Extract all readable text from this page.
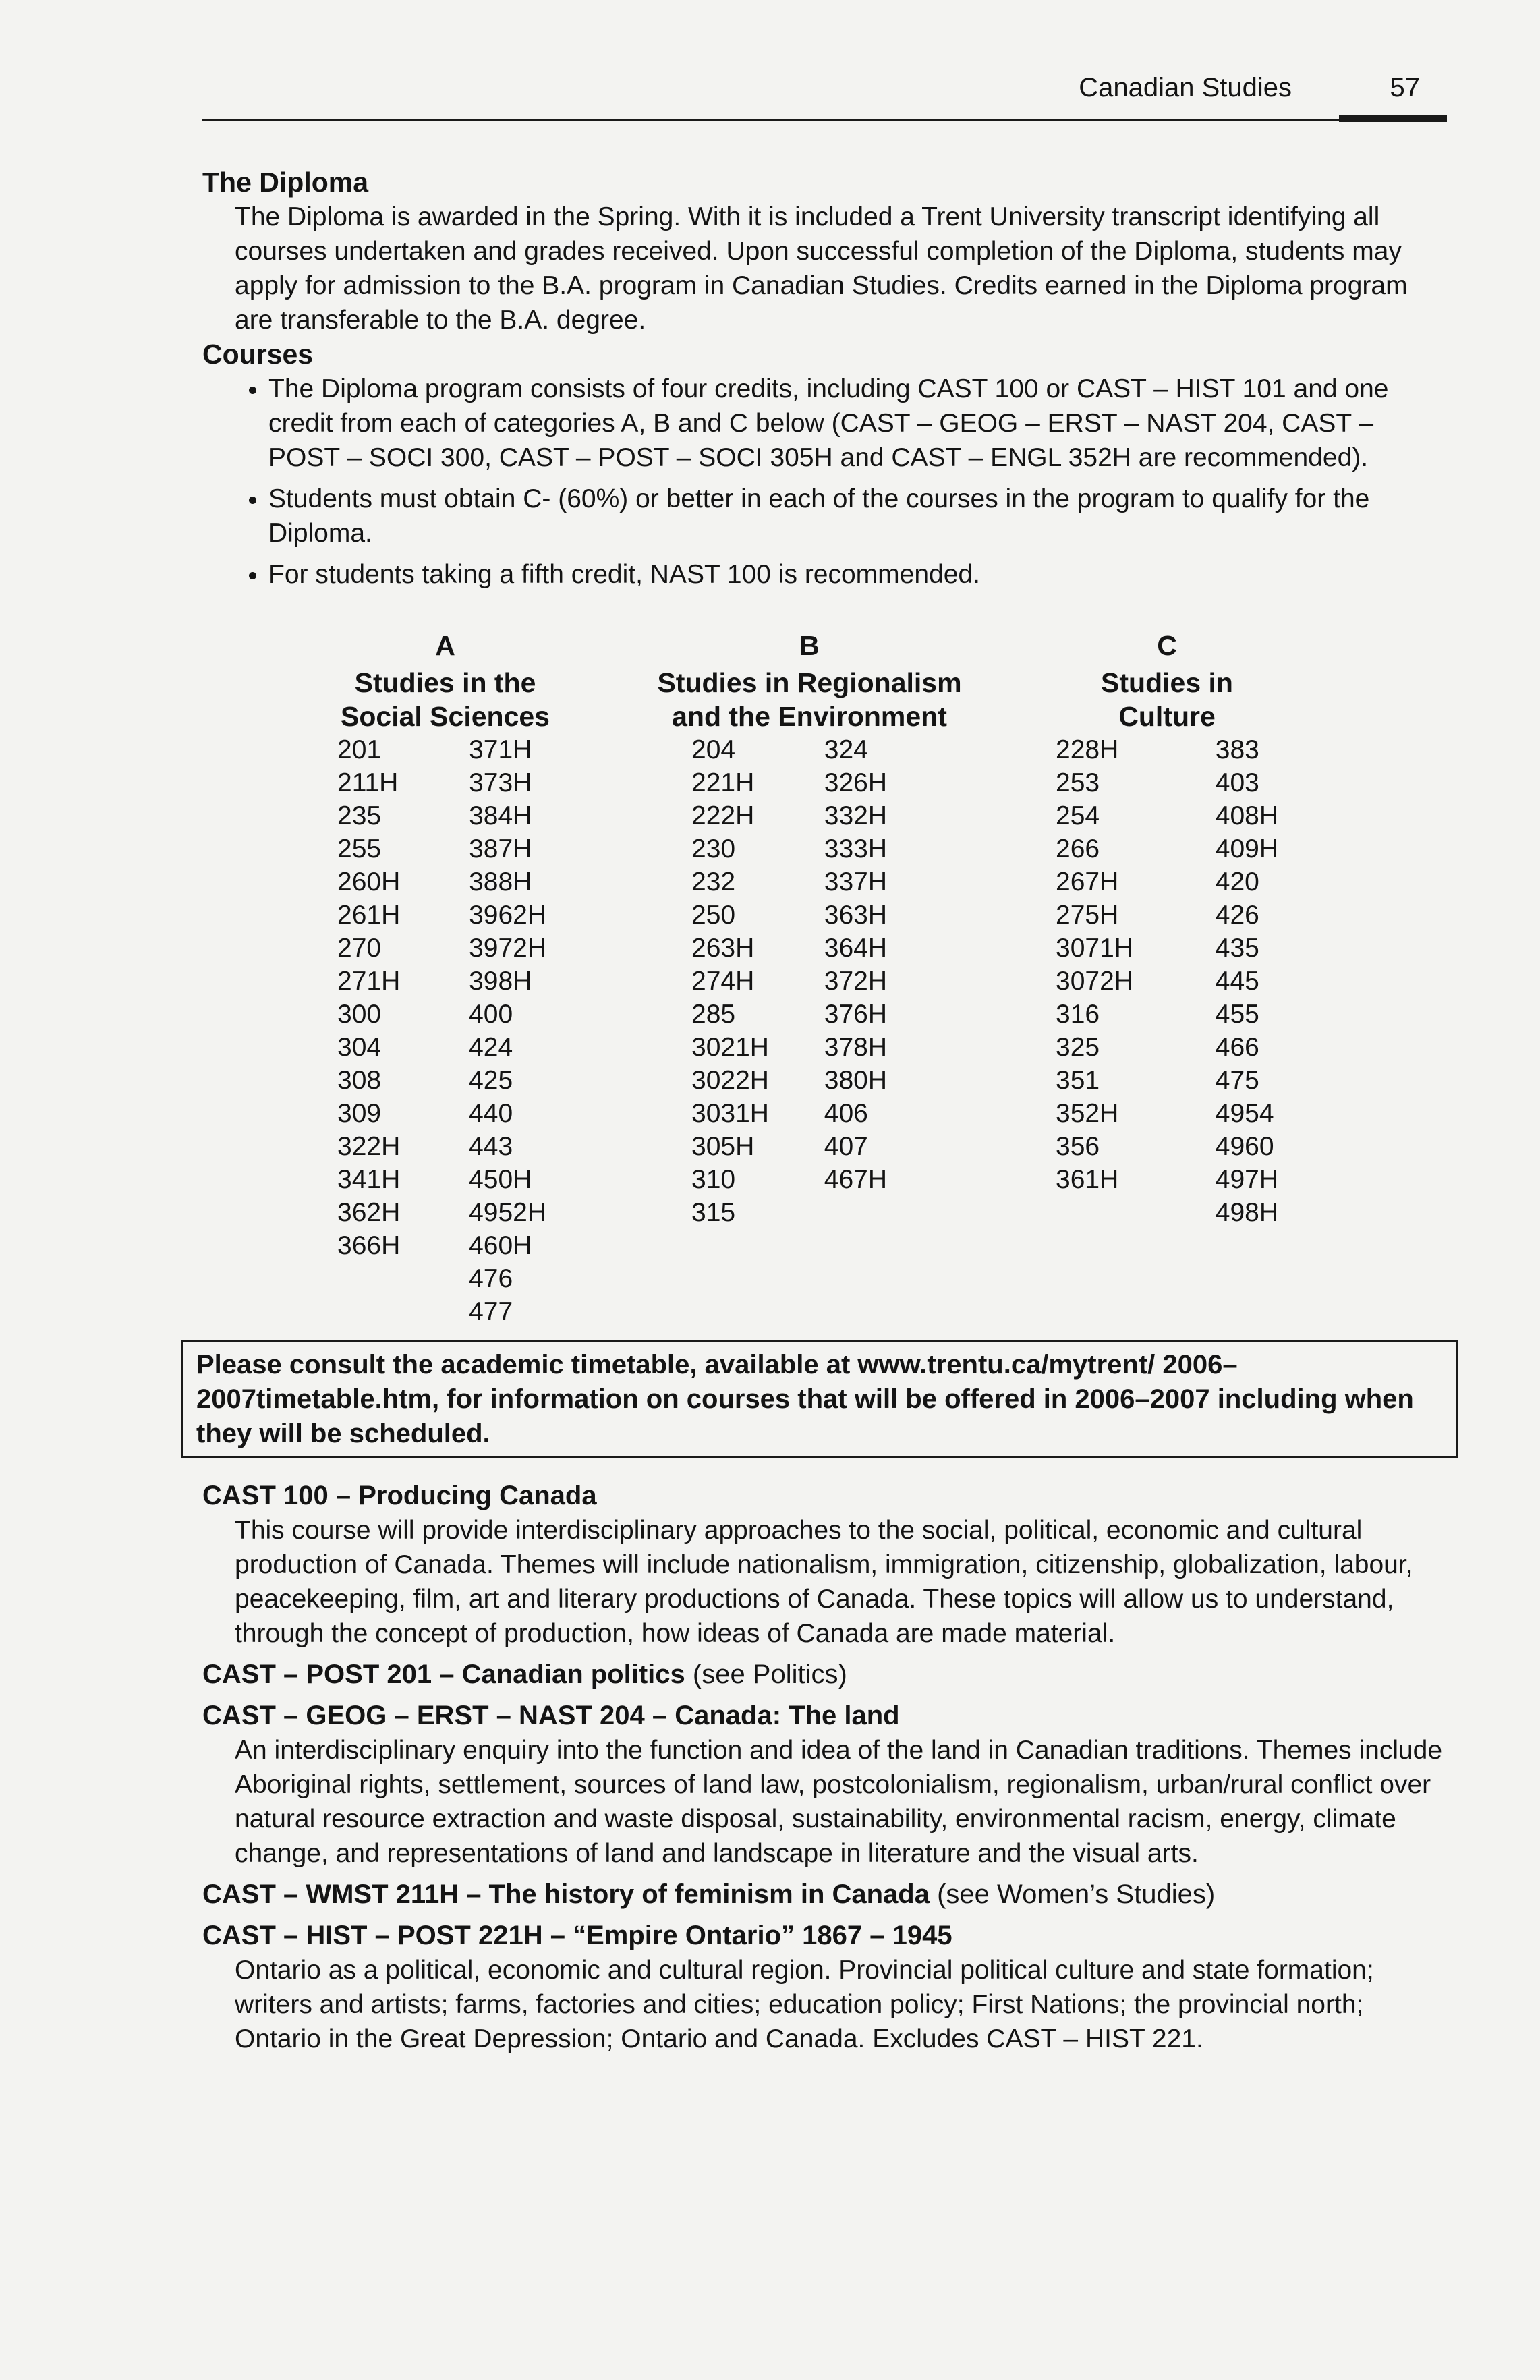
Canadian Studies	57
The Diploma
The Diploma is awarded in the Spring. With it is included a Trent University transcript identifying all courses undertaken and grades received. Upon successful completion of the Diploma, students may apply for admission to the B.A. program in Canadian Studies. Credits earned in the Diploma program are transferable to the B.A. degree.
Courses
• The Diploma program consists of four credits, including CAST 100 or CAST – HIST 101 and one credit from each of categories A, B and C below (CAST – GEOG – ERST – NAST 204, CAST – POST – SOCI 300, CAST – POST – SOCI 305H and CAST – ENGL 352H are recommended).
• Students must obtain C- (60%) or better in each of the courses in the program to qualify for the Diploma.
• For students taking a fifth credit, NAST 100 is recommended.
A
Studies in the
Social Sciences
201
211H
235
255
260H
261H
270
271H
300
304
308
309
322H
341H
362H
366H
371H
373H
384H
387H
388H
3962H
3972H
398H
400
424
425
440
443
450H
4952H
460H
476
477
B
Studies in Regionalism
and the Environment
204
221H
222H
230
232
250
263H
274H
285
3021H
3022H
3031H
305H
310
315
324
326H
332H
333H
337H
363H
364H
372H
376H
378H
380H
406
407
467H
C
Studies in
Culture
228H
253
254
266
267H
275H
3071H
3072H
316
325
351
352H
356
361H
383
403
408H
409H
420
426
435
445
455
466
475
4954
4960
497H
498H
Please consult the academic timetable, available at www.trentu.ca/mytrent/ 2006–2007timetable.htm, for information on courses that will be offered in 2006–2007 including when they will be scheduled.
CAST 100 – Producing Canada
This course will provide interdisciplinary approaches to the social, political, economic and cultural production of Canada. Themes will include nationalism, immigration, citizenship, globalization, labour, peacekeeping, film, art and literary productions of Canada. These topics will allow us to understand, through the concept of production, how ideas of Canada are made material.
CAST – POST 201 – Canadian politics (see Politics)
CAST – GEOG – ERST – NAST 204 – Canada: The land
An interdisciplinary enquiry into the function and idea of the land in Canadian traditions. Themes include Aboriginal rights, settlement, sources of land law, postcolonialism, regionalism, urban/rural conflict over natural resource extraction and waste disposal, sustainability, environmental racism, energy, climate change, and representations of land and landscape in literature and the visual arts.
CAST – WMST 211H – The history of feminism in Canada (see Women’s Studies)
CAST – HIST – POST 221H – “Empire Ontario” 1867 – 1945
Ontario as a political, economic and cultural region. Provincial political culture and state formation; writers and artists; farms, factories and cities; education policy; First Nations; the provincial north; Ontario in the Great Depression; Ontario and Canada. Excludes CAST – HIST 221.
